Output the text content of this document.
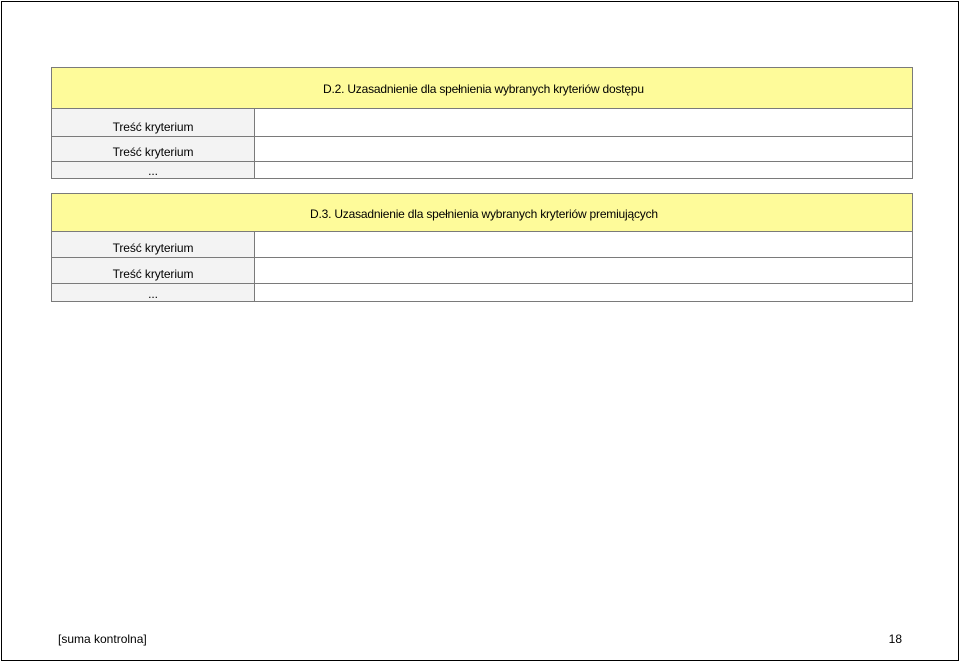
D.2. Uzasadnienie dla spełnienia wybranych kryteriów dostępu
Treść kryterium
Treść kryterium
...
D.3. Uzasadnienie dla spełnienia wybranych kryteriów premiujących
Treść kryterium
Treść kryterium
...
[suma kontrolna]	18
